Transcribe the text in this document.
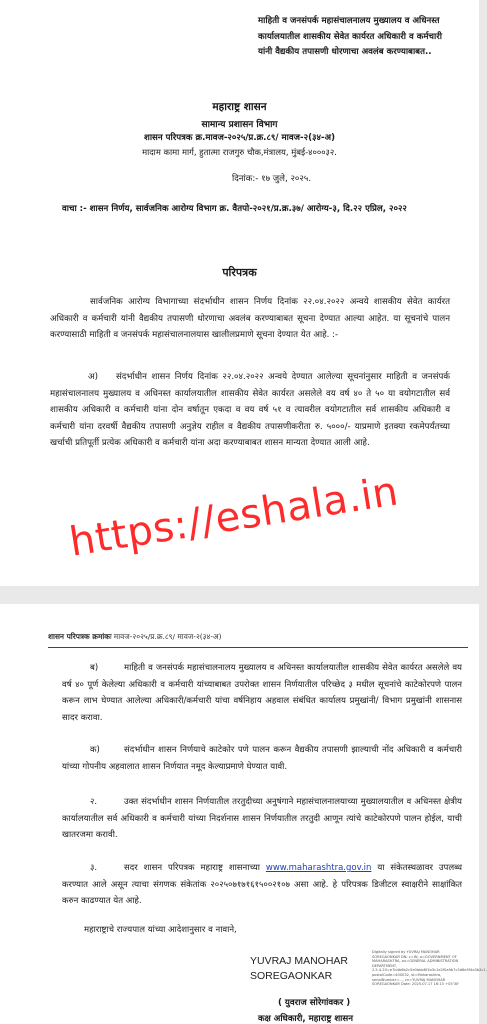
माहिती व जनसंपर्क महासंचालनालय मुख्यालय व अधिनस्त कार्यालयातील शासकीय सेवेत कार्यरत अधिकारी व कर्मचारी यांनी वैद्यकीय तपासणी धोरणाचा अवलंब करण्याबाबत..
महाराष्ट्र शासन
सामान्य प्रशासन विभाग
शासन परिपत्रक क्र.मावज-२०२५/प्र.क्र.८९/ मावज-२(३४-अ)
मादाम कामा मार्ग, हुतात्मा राजगुरु चौक,मंत्रालय, मुंबई-४०००३२.
दिनांक:- १७ जुले, २०२५.
वाचा :- शासन निर्णय, सार्वजनिक आरोग्य विभाग क्र. वैतपो-२०२१/प्र.क्र.३७/ आरोग्य-३, दि.२२ एप्रिल, २०२२
परिपत्रक
सार्वजनिक आरोग्य विभागाच्या संदर्भाधीन शासन निर्णय दिनांक २२.०४.२०२२ अन्वये शासकीय सेवेत कार्यरत अधिकारी व कर्मचारी यांनी वैद्यकीय तपासणी धोरणाचा अवलंब करण्याबाबत सूचना देण्यात आल्या आहेत. या सूचनांचे पालन करण्यासाठी माहिती व जनसंपर्क महासंचालनालयास खालीलप्रमाणे सूचना देण्यात येत आहे. :-
अ) संदर्भाधीन शासन निर्णय दिनांक २२.०४.२०२२ अन्वये देण्यात आलेल्या सूचनांनुसार माहिती व जनसंपर्क महासंचालनालय मुख्यालय व अधिनस्त कार्यालयातील शासकीय सेवेत कार्यरत असलेले वय वर्ष ४० ते ५० या वयोगटातील सर्व शासकीय अधिकारी व कर्मचारी यांना दोन वर्षातून एकदा व वय वर्ष ५१ व त्यावरील वयोगटातील सर्व शासकीय अधिकारी व कर्मचारी यांना दरवर्षी वैद्यकीय तपासणी अनुज्ञेय राहील व वैद्यकीय तपासणीकरीता रु. ५०००/- याप्रमाणे इतक्या रकमेपर्यंतच्या खर्चाची प्रतिपूर्ती प्रत्येक अधिकारी व कर्मचारी यांना अदा करण्याबाबत शासन मान्यता देण्यात आली आहे.
https://eshala.in
शासन परिपत्रक क्रमांकः मावज-२०२५/प्र.क्र.८९/ मावज-२(३४-अ)
ब)	माहिती व जनसंपर्क महासंचालनालय मुख्यालय व अधिनस्त कार्यालयातील शासकीय सेवेत कार्यरत असलेले वय वर्ष ४० पूर्ण केलेल्या अधिकारी व कर्मचारी यांच्याबाबत उपरोक्त शासन निर्णयातील परिच्छेद ३ मधील सूचनांचे काटेकोरपणे पालन करून लाभ घेण्यात आलेल्या अधिकारी/कर्मचारी यांचा वर्षनिहाय अहवाल संबंधित कार्यालय प्रमुखांनी/ विभाग प्रमुखांनी शासनास सादर करावा.
क)	संदर्भाधीन शासन निर्णयाचे काटेकोर पणे पालन करून वैद्यकीय तपासणी झाल्याची नोंद अधिकारी व कर्मचारी यांच्या गोपनीय अहवालात शासन निर्णयात नमूद केल्याप्रमाणे घेण्यात यावी.
२.	उक्त संदर्भाधीन शासन निर्णयातील तरतुदीच्या अनुषंगाने महासंचालनालयाच्या मुख्यालयातील व अधिनस्त क्षेत्रीय कार्यालयातील सर्व अधिकारी व कर्मचारी यांच्या निदर्शनास शासन निर्णयातील तरतुदी आणून त्यांचे काटेकोरपणे पालन होईल, याची खातरजमा करावी.
३.	सदर शासन परिपत्रक महाराष्ट्र शासनाच्या www.maharashtra.gov.in या संकेतस्थळावर उपलब्ध करण्यात आले असून त्याचा संगणक संकेतांक २०२५०७१७१६१५००२१०७ असा आहे. हे परिपत्रक डिजीटल स्वाक्षरीने साक्षांकित करुन काढण्यात येत आहे.
महाराष्ट्राचे राज्यपाल यांच्या आदेशानुसार व नावाने,
YUVRAJ MANOHAR
SOREGAONKAR
Digitally signed by YUVRAJ MANOHAR SOREGAONKAR DN: c=IN, o=GOVERNMENT OF MAHARASHTRA, ou=GENERAL ADMINISTRATION DEPARTMENT, 2.5.4.20=e7b4b6b2c5e0bbb8f1b3c1e2f0a9b7c3d6e5f4a3b2c1, postalCode=400032, st=Maharashtra, serialNumber=..., cn=YUVRAJ MANOHAR SOREGAONKAR Date: 2025.07.17 16:15 +05'30'
( युवराज सोरेगांवकर )
कक्ष अधिकारी, महाराष्ट्र शासन
